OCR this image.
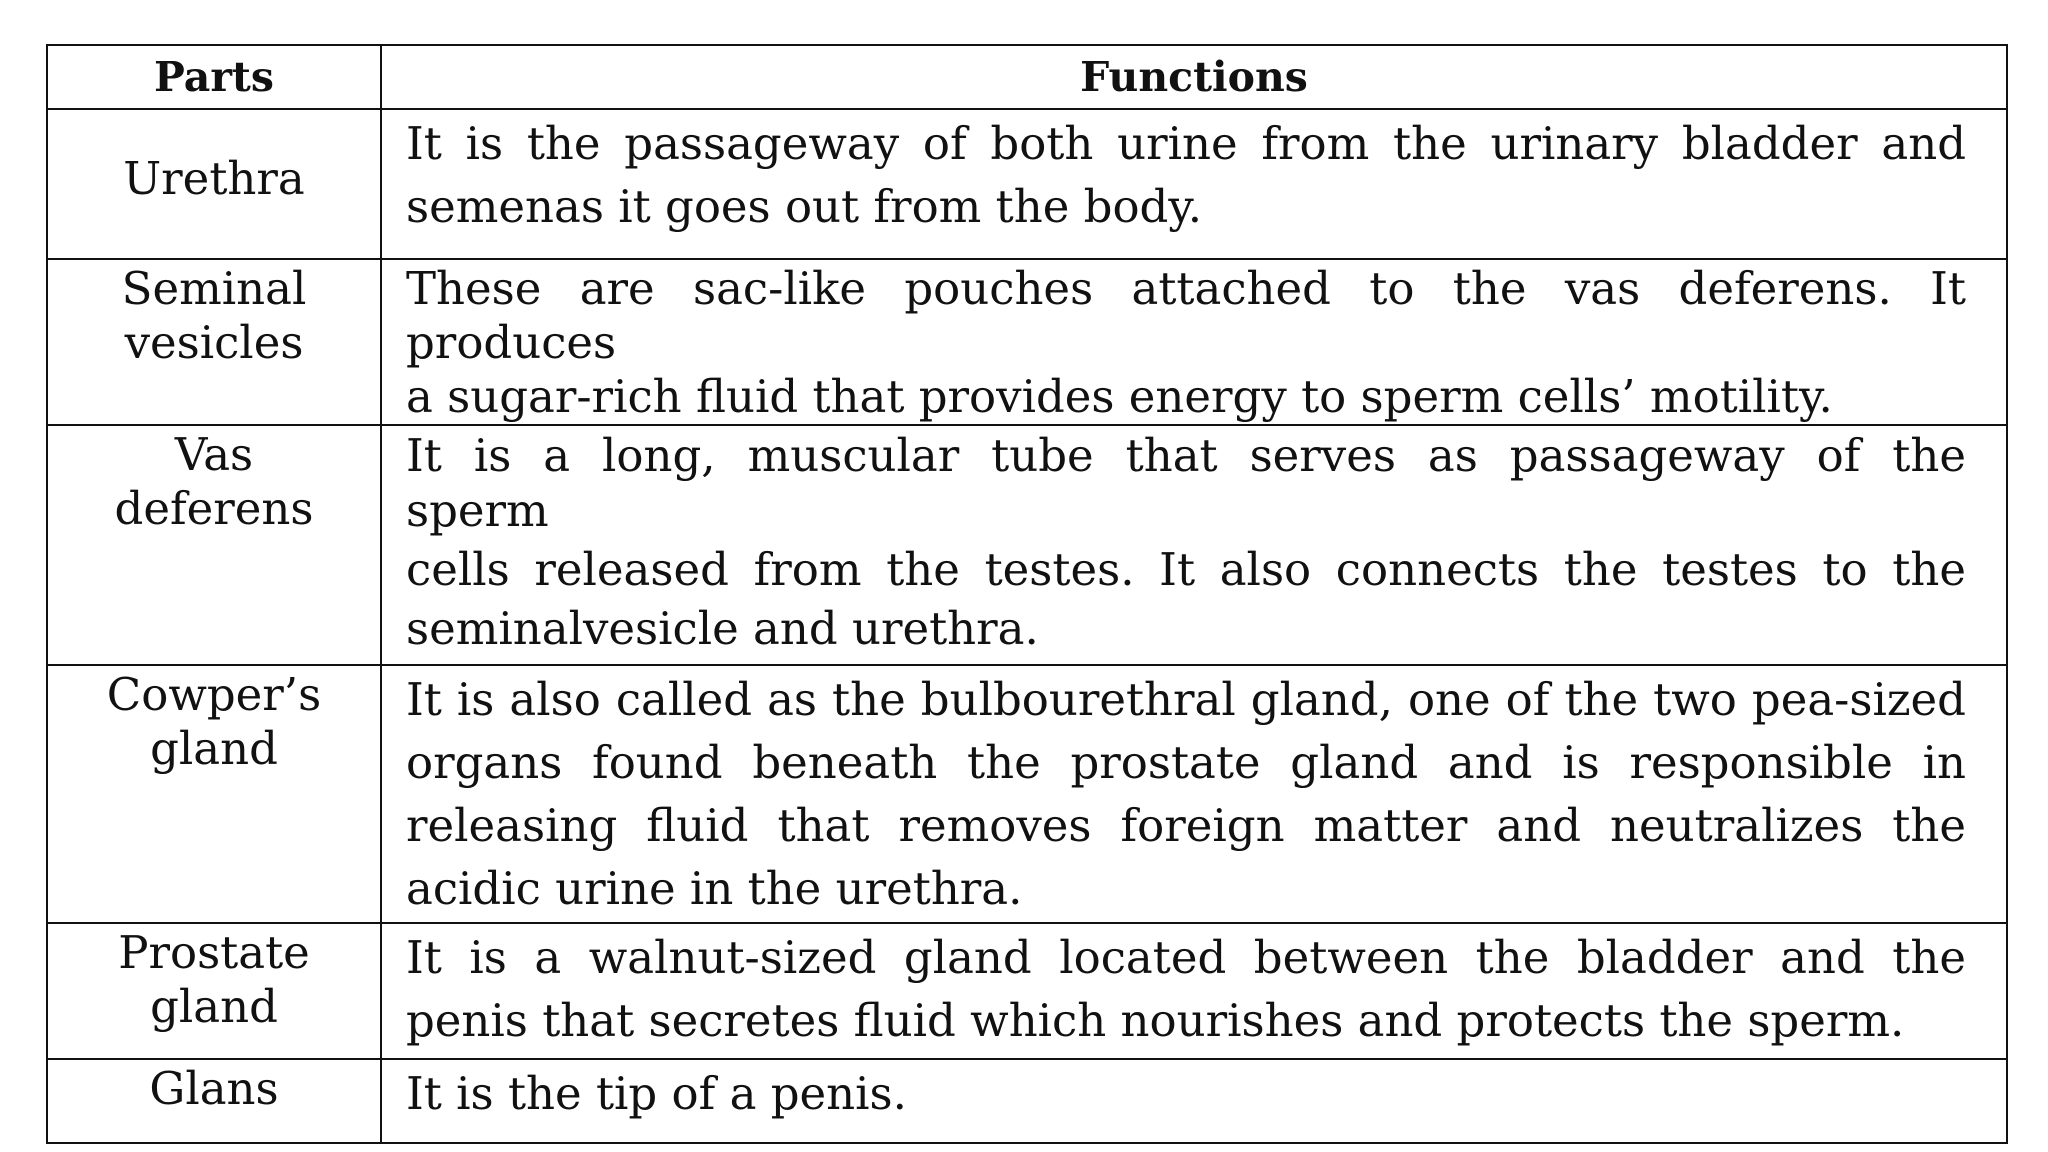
Parts	Functions
Urethra	It is the passageway of both urine from the urinary bladder and
semenas it goes out from the body.

Seminal
vesicles	These are sac-like pouches attached to the vas deferens. It produces
a sugar-rich fluid that provides energy to sperm cells’ motility.

Vas
deferens	It is a long, muscular tube that serves as passageway of the
sperm
cells released from the testes. It also connects the testes to the
seminalvesicle and urethra.

Cowper’s
gland	It is also called as the bulbourethral gland, one of the two pea-sized
organs found beneath the prostate gland and is responsible in
releasing fluid that removes foreign matter and neutralizes the
acidic urine in the urethra.

Prostate
gland	It is a walnut-sized gland located between the bladder and the
penis that secretes fluid which nourishes and protects the sperm.

Glans	It is the tip of a penis.
